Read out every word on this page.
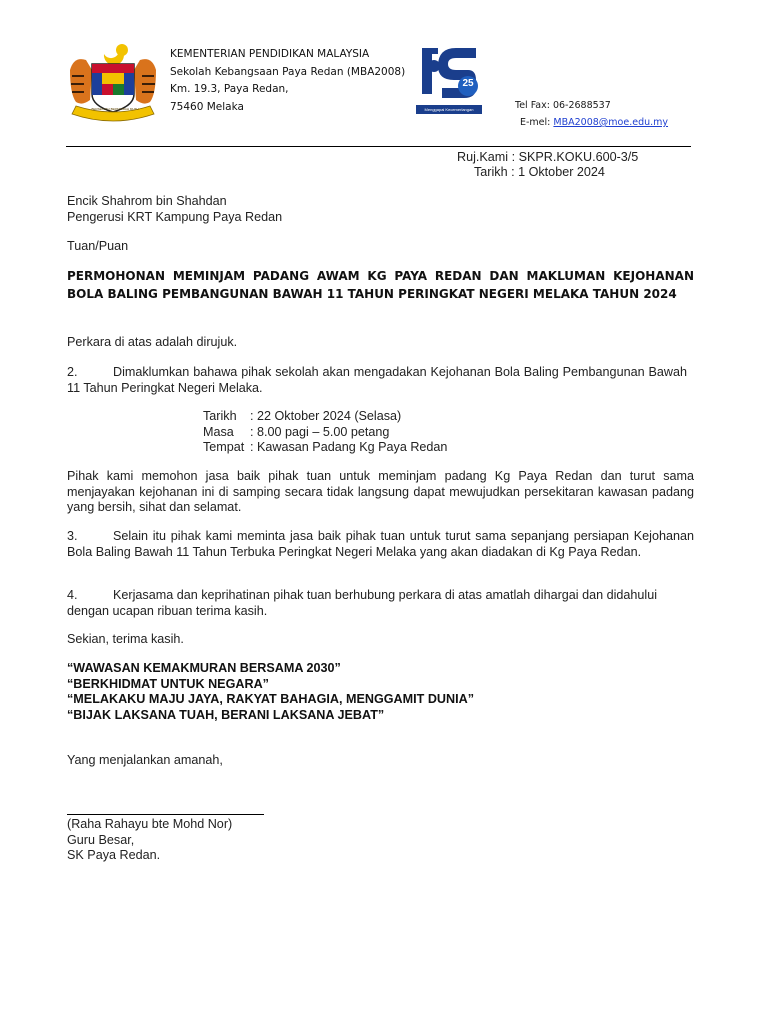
BERSEKUTU BERTAMBAH MUTU
KEMENTERIAN PENDIDIKAN MALAYSIA
Sekolah Kebangsaan Paya Redan (MBA2008)
Km. 19.3, Paya Redan,
75460 Melaka
25
Menggapai Kecemerlangan Bersama
Tel Fax: 06-2688537
E-mel: MBA2008@moe.edu.my
Ruj.Kami : SKPR.KOKU.600-3/5
Tarikh : 1 Oktober 2024
Encik Shahrom bin Shahdan
Pengerusi KRT Kampung Paya Redan
Tuan/Puan
PERMOHONAN MEMINJAM PADANG AWAM KG PAYA REDAN DAN MAKLUMAN KEJOHANAN BOLA BALING PEMBANGUNAN BAWAH 11 TAHUN PERINGKAT NEGERI MELAKA TAHUN 2024
Perkara di atas adalah dirujuk.
2.	Dimaklumkan bahawa pihak sekolah akan mengadakan Kejohanan Bola Baling Pembangunan Bawah 11 Tahun Peringkat Negeri Melaka.
Tarikh : 22 Oktober 2024 (Selasa)
Masa : 8.00 pagi – 5.00 petang
Tempat : Kawasan Padang Kg Paya Redan
Pihak kami memohon jasa baik pihak tuan untuk meminjam padang Kg Paya Redan dan turut sama menjayakan kejohanan ini di samping secara tidak langsung dapat mewujudkan persekitaran kawasan padang yang bersih, sihat dan selamat.
3.	Selain itu pihak kami meminta jasa baik pihak tuan untuk turut sama sepanjang persiapan Kejohanan Bola Baling Bawah 11 Tahun Terbuka Peringkat Negeri Melaka yang akan diadakan di Kg Paya Redan.
4.	Kerjasama dan keprihatinan pihak tuan berhubung perkara di atas amatlah dihargai dan didahului dengan ucapan ribuan terima kasih.
Sekian, terima kasih.
“WAWASAN KEMAKMURAN BERSAMA 2030”
“BERKHIDMAT UNTUK NEGARA”
“MELAKAKU MAJU JAYA, RAKYAT BAHAGIA, MENGGAMIT DUNIA”
“BIJAK LAKSANA TUAH, BERANI LAKSANA JEBAT”
Yang menjalankan amanah,
(Raha Rahayu bte Mohd Nor)
Guru Besar,
SK Paya Redan.
